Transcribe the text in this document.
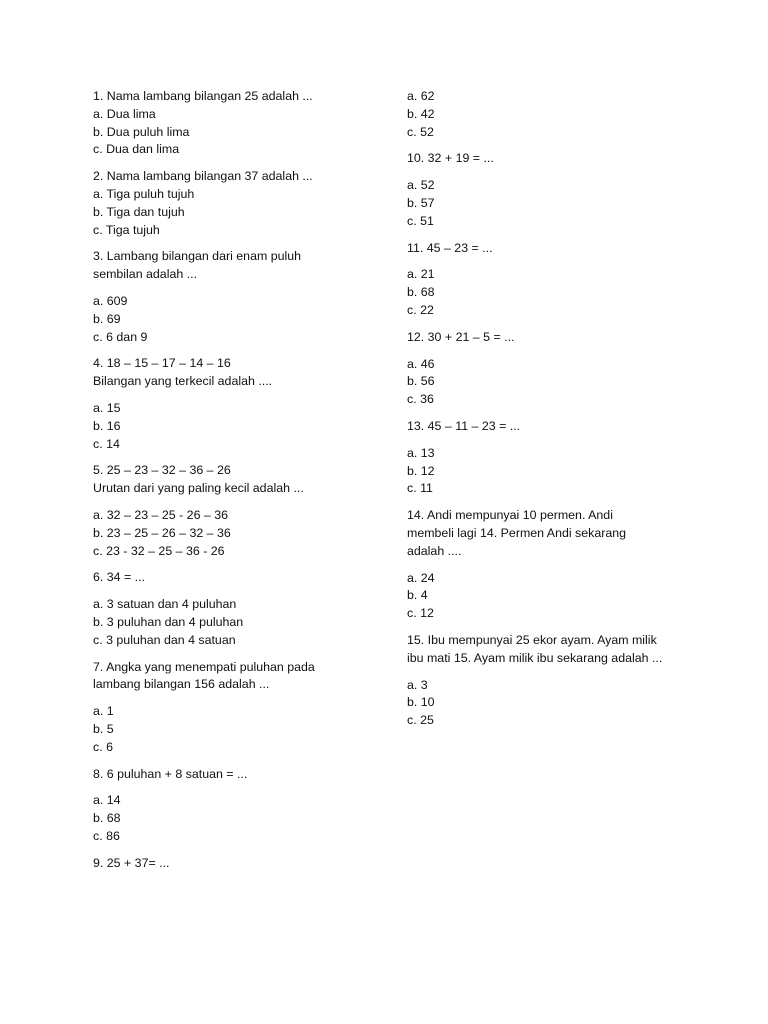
1. Nama lambang bilangan 25 adalah ...
a. Dua lima
b. Dua puluh lima
c. Dua dan lima
2. Nama lambang bilangan 37 adalah ...
a. Tiga puluh tujuh
b. Tiga dan tujuh
c. Tiga tujuh
3. Lambang bilangan dari enam puluh
sembilan adalah ...
a. 609
b. 69
c. 6 dan 9
4. 18 – 15 – 17 – 14 – 16
Bilangan yang terkecil adalah ....
a. 15
b. 16
c. 14
5. 25 – 23 – 32 – 36 – 26
Urutan dari yang paling kecil adalah ...
a. 32 – 23 – 25 - 26 – 36
b. 23 – 25 – 26 – 32 – 36
c. 23 - 32 – 25 – 36 - 26
6. 34 = ...
a. 3 satuan dan 4 puluhan
b. 3 puluhan dan 4 puluhan
c. 3 puluhan dan 4 satuan
7. Angka yang menempati puluhan pada
lambang bilangan 156 adalah ...
a. 1
b. 5
c. 6
8. 6 puluhan + 8 satuan = ...
a. 14
b. 68
c. 86
9. 25 + 37= ...
a. 62
b. 42
c. 52
10. 32 + 19 = ...
a. 52
b. 57
c. 51
11. 45 – 23 = ...
a. 21
b. 68
c. 22
12. 30 + 21 – 5 = ...
a. 46
b. 56
c. 36
13. 45 – 11 – 23 = ...
a. 13
b. 12
c. 11
14. Andi mempunyai 10 permen. Andi
membeli lagi 14. Permen Andi sekarang
adalah ....
a. 24
b. 4
c. 12
15. Ibu mempunyai 25 ekor ayam. Ayam milik
ibu mati 15. Ayam milik ibu sekarang adalah ...
a. 3
b. 10
c. 25
